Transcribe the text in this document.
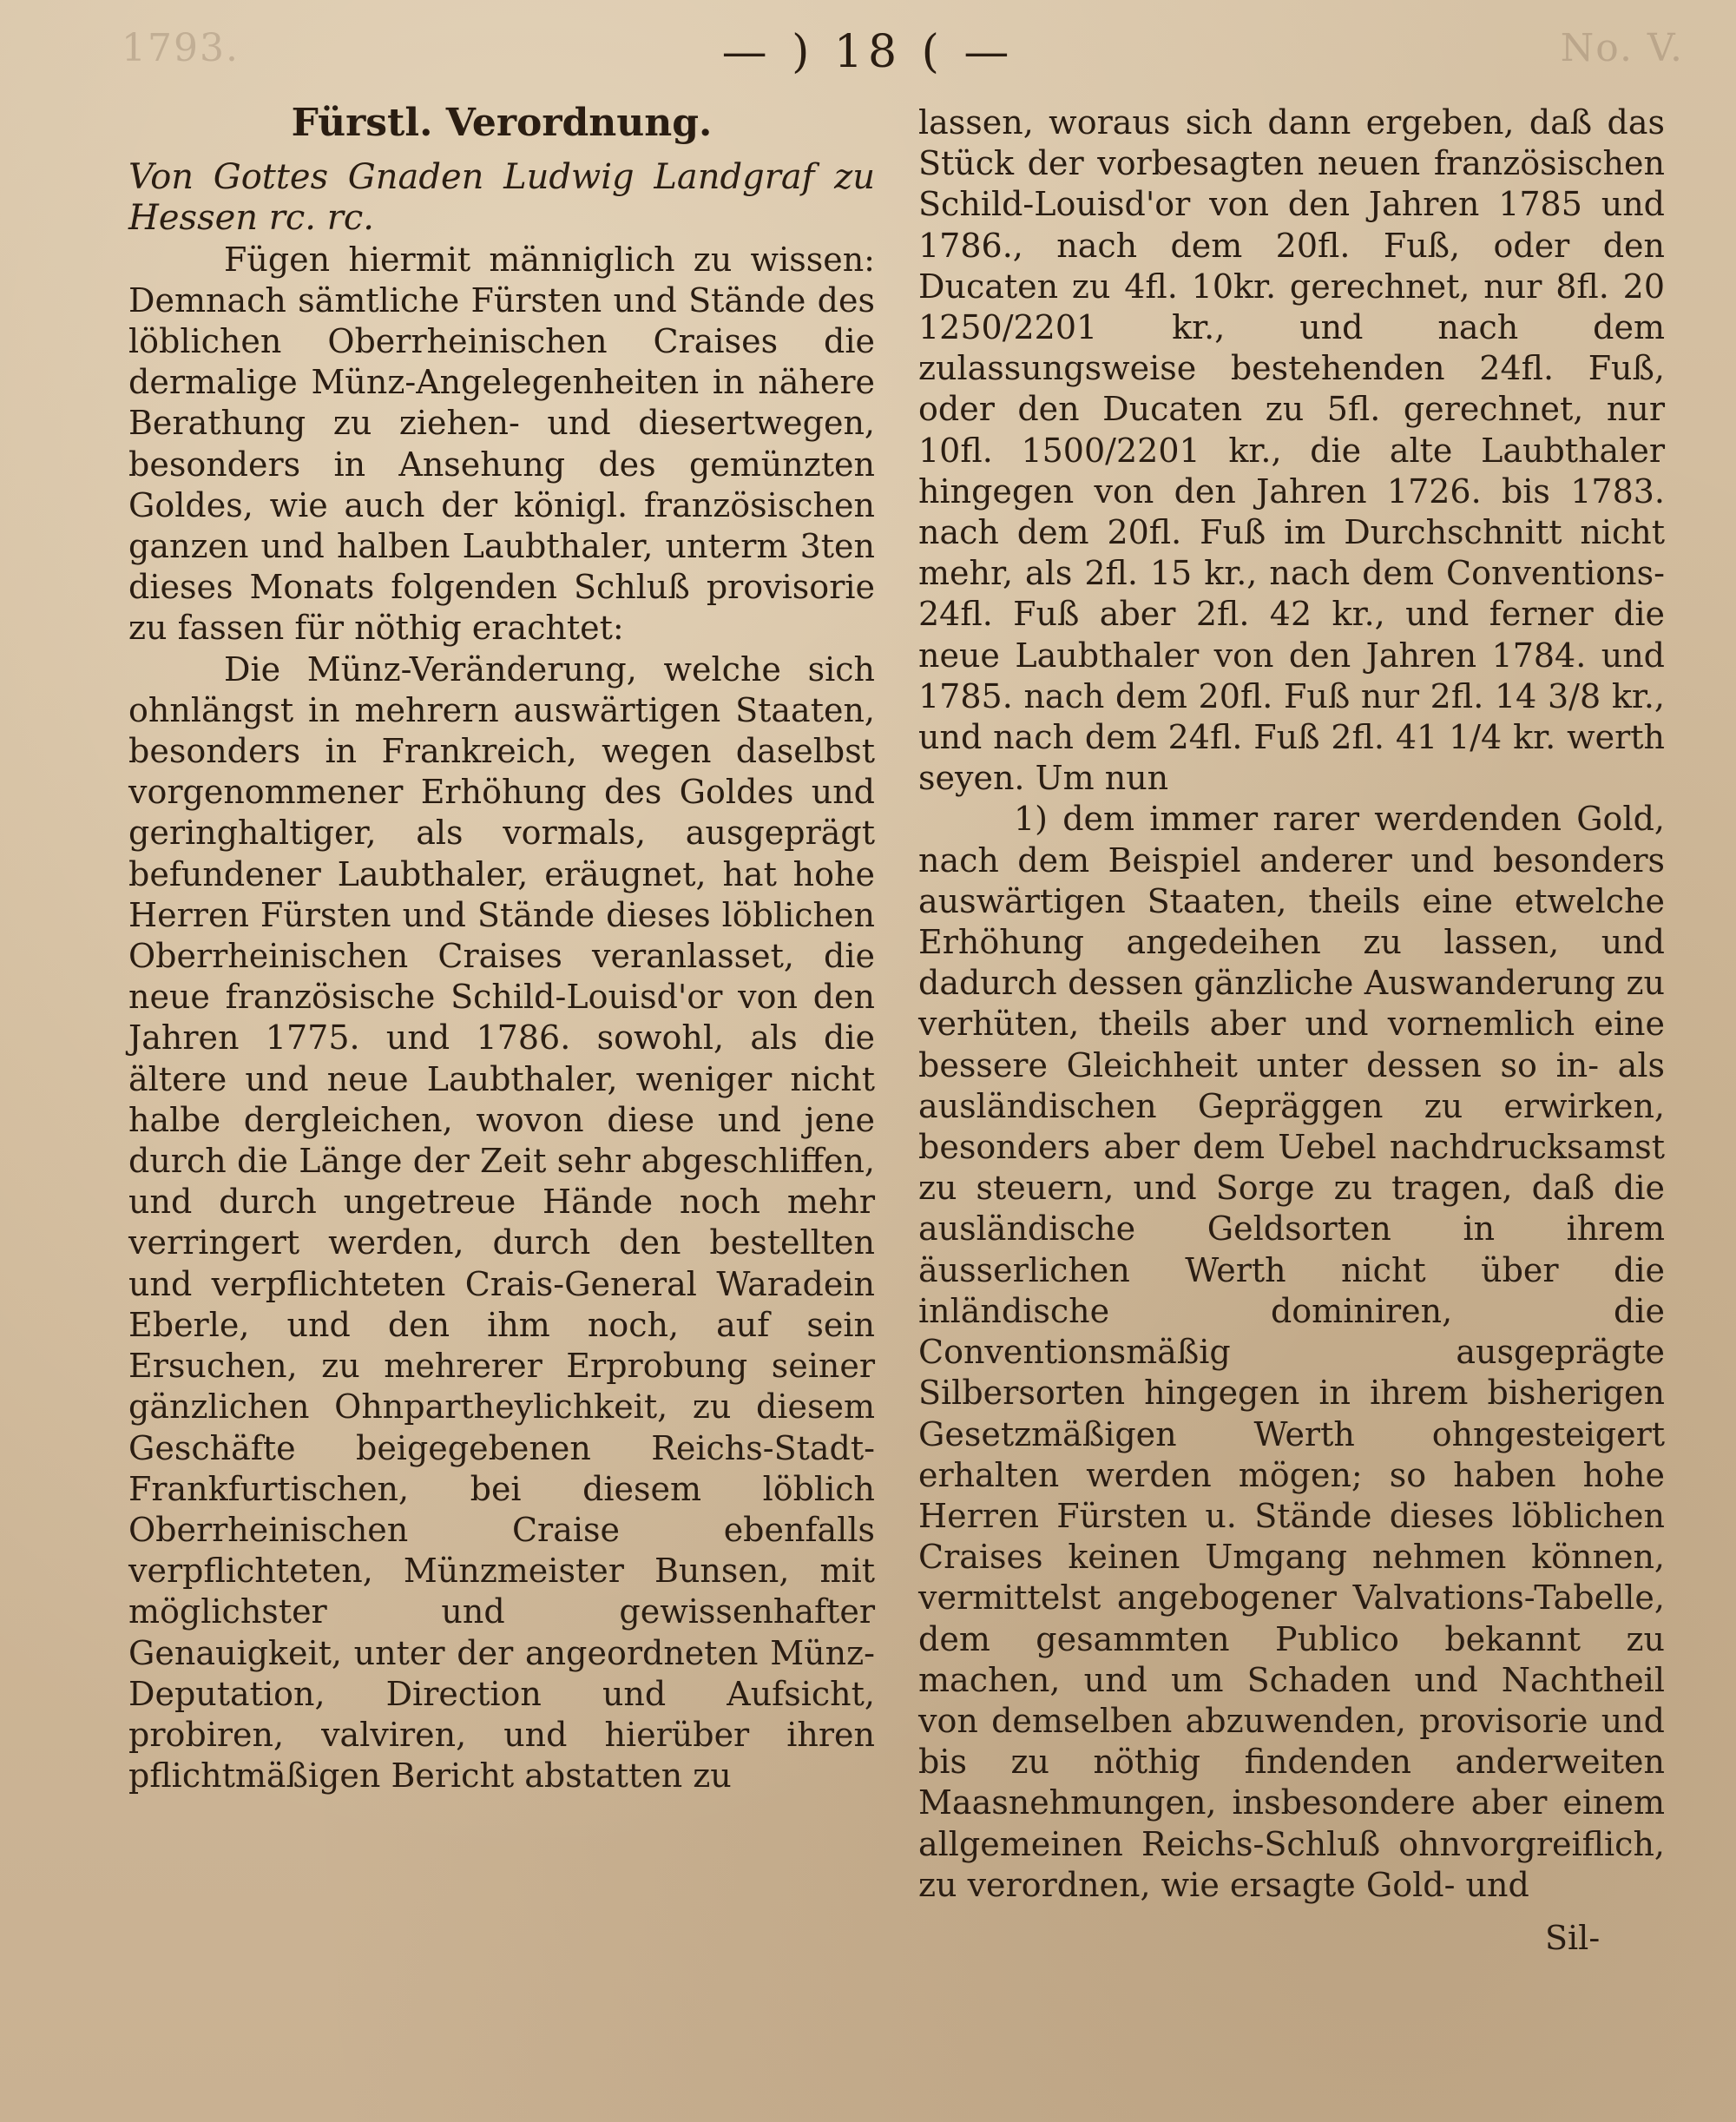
1793.	No. V.
— ) 18 ( —

Fürstl. Verordnung.

Von Gottes Gnaden Ludwig Landgraf zu Hessen rc. rc.

Fügen hiermit männiglich zu wissen: Demnach sämtliche Fürsten und Stände des löblichen Oberrheinischen Craises die dermalige Münz-Angelegenheiten in nähere Berathung zu ziehen- und diesertwegen, besonders in Ansehung des gemünzten Goldes, wie auch der königl. französischen ganzen und halben Laubthaler, unterm 3ten dieses Monats folgenden Schluß provisorie zu fassen für nöthig erachtet:

Die Münz-Veränderung, welche sich ohnlängst in mehrern auswärtigen Staaten, besonders in Frankreich, wegen daselbst vorgenommener Erhöhung des Goldes und geringhaltiger, als vormals, ausgeprägt befundener Laubthaler, eräugnet, hat hohe Herren Fürsten und Stände dieses löblichen Oberrheinischen Craises veranlasset, die neue französische Schild-Louisd'or von den Jahren 1775. und 1786. sowohl, als die ältere und neue Laubthaler, weniger nicht halbe dergleichen, wovon diese und jene durch die Länge der Zeit sehr abgeschliffen, und durch ungetreue Hände noch mehr verringert werden, durch den bestellten und verpflichteten Crais-General Waradein Eberle, und den ihm noch, auf sein Ersuchen, zu mehrerer Erprobung seiner gänzlichen Ohnpartheylichkeit, zu diesem Geschäfte beigegebenen Reichs-Stadt-Frankfurtischen, bei diesem löblich Oberrheinischen Craise ebenfalls verpflichteten, Münzmeister Bunsen, mit möglichster und gewissenhafter Genauigkeit, unter der angeordneten Münz-Deputation, Direction und Aufsicht, probiren, valviren, und hierüber ihren pflichtmäßigen Bericht abstatten zu

lassen, woraus sich dann ergeben, daß das Stück der vorbesagten neuen französischen Schild-Louisd'or von den Jahren 1785 und 1786., nach dem 20fl. Fuß, oder den Ducaten zu 4fl. 10kr. gerechnet, nur 8fl. 20 1250/2201 kr., und nach dem zulassungsweise bestehenden 24fl. Fuß, oder den Ducaten zu 5fl. gerechnet, nur 10fl. 1500/2201 kr., die alte Laubthaler hingegen von den Jahren 1726. bis 1783. nach dem 20fl. Fuß im Durchschnitt nicht mehr, als 2fl. 15 kr., nach dem Conventions-24fl. Fuß aber 2fl. 42 kr., und ferner die neue Laubthaler von den Jahren 1784. und 1785. nach dem 20fl. Fuß nur 2fl. 14 3/8 kr., und nach dem 24fl. Fuß 2fl. 41 1/4 kr. werth seyen. Um nun

1) dem immer rarer werdenden Gold, nach dem Beispiel anderer und besonders auswärtigen Staaten, theils eine etwelche Erhöhung angedeihen zu lassen, und dadurch dessen gänzliche Auswanderung zu verhüten, theils aber und vornemlich eine bessere Gleichheit unter dessen so in- als ausländischen Gepräggen zu erwirken, besonders aber dem Uebel nachdrucksamst zu steuern, und Sorge zu tragen, daß die ausländische Geldsorten in ihrem äusserlichen Werth nicht über die inländische dominiren, die Conventionsmäßig ausgeprägte Silbersorten hingegen in ihrem bisherigen Gesetzmäßigen Werth ohngesteigert erhalten werden mögen; so haben hohe Herren Fürsten u. Stände dieses löblichen Craises keinen Umgang nehmen können, vermittelst angebogener Valvations-Tabelle, dem gesammten Publico bekannt zu machen, und um Schaden und Nachtheil von demselben abzuwenden, provisorie und bis zu nöthig findenden anderweiten Maasnehmungen, insbesondere aber einem allgemeinen Reichs-Schluß ohnvorgreiflich, zu verordnen, wie ersagte Gold- und

Sil-
